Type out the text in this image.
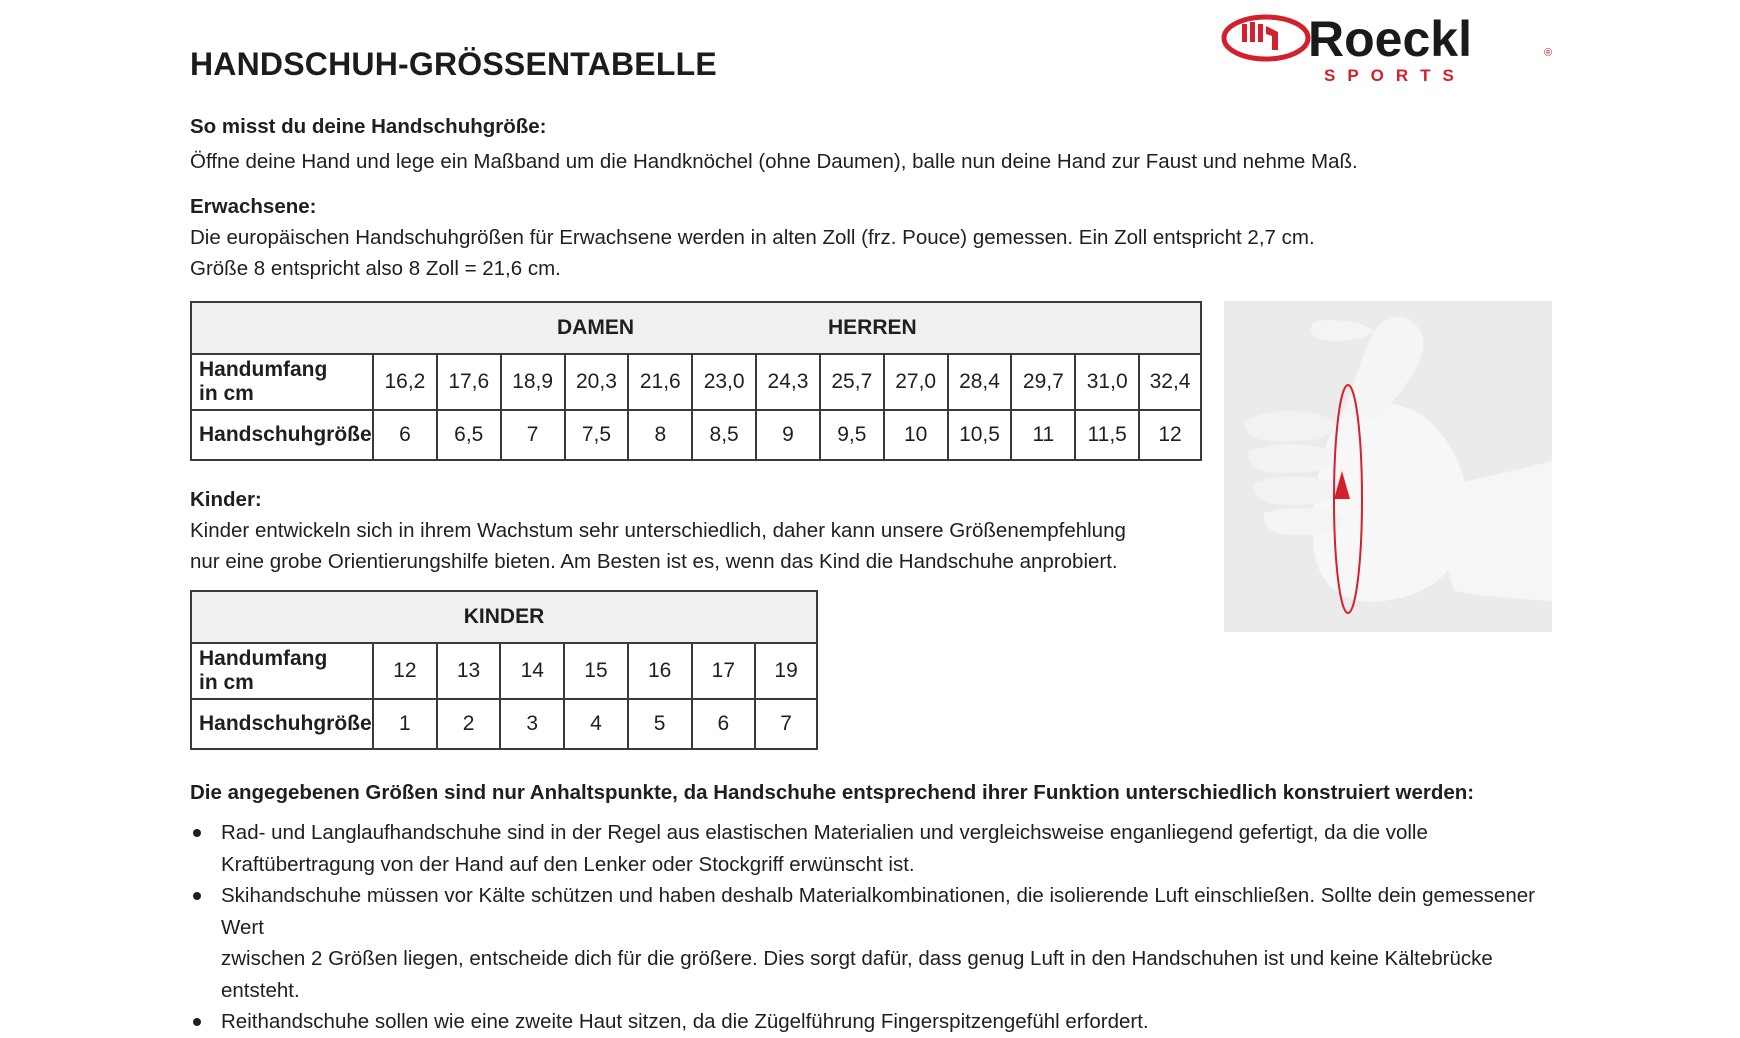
HANDSCHUH-GRÖSSENTABELLE	Roeckl	®
SPORTS
So misst du deine Handschuhgröße:
Öffne deine Hand und lege ein Maßband um die Handknöchel (ohne Daumen), balle nun deine Hand zur Faust und nehme Maß.
Erwachsene:
Die europäischen Handschuhgrößen für Erwachsene werden in alten Zoll (frz. Pouce) gemessen. Ein Zoll entspricht 2,7 cm.
Größe 8 entspricht also 8 Zoll = 21,6 cm.
DAMEN HERREN													

Handumfang
in cm	16,2	17,6	18,9	20,3	21,6	23,0	24,3	25,7	27,0	28,4	29,7	31,0	32,4
Handschuhgröße	6	6,5	7	7,5	8	8,5	9	9,5	10	10,5	11	11,5	12
Kinder:
Kinder entwickeln sich in ihrem Wachstum sehr unterschiedlich, daher kann unsere Größenempfehlung
nur eine grobe Orientierungshilfe bieten. Am Besten ist es, wenn das Kind die Handschuhe anprobiert.
KINDER							

Handumfang
in cm	12	13	14	15	16	17	19
Handschuhgröße	1	2	3	4	5	6	7
Die angegebenen Größen sind nur Anhaltspunkte, da Handschuhe entsprechend ihrer Funktion unterschiedlich konstruiert werden:
Rad- und Langlaufhandschuhe sind in der Regel aus elastischen Materialien und vergleichsweise enganliegend gefertigt, da die volle
Kraftübertragung von der Hand auf den Lenker oder Stockgriff erwünscht ist.
Skihandschuhe müssen vor Kälte schützen und haben deshalb Materialkombinationen, die isolierende Luft einschließen. Sollte dein gemessener Wert
zwischen 2 Größen liegen, entscheide dich für die größere. Dies sorgt dafür, dass genug Luft in den Handschuhen ist und keine Kältebrücke entsteht.
Reithandschuhe sollen wie eine zweite Haut sitzen, da die Zügelführung Fingerspitzengefühl erfordert.
